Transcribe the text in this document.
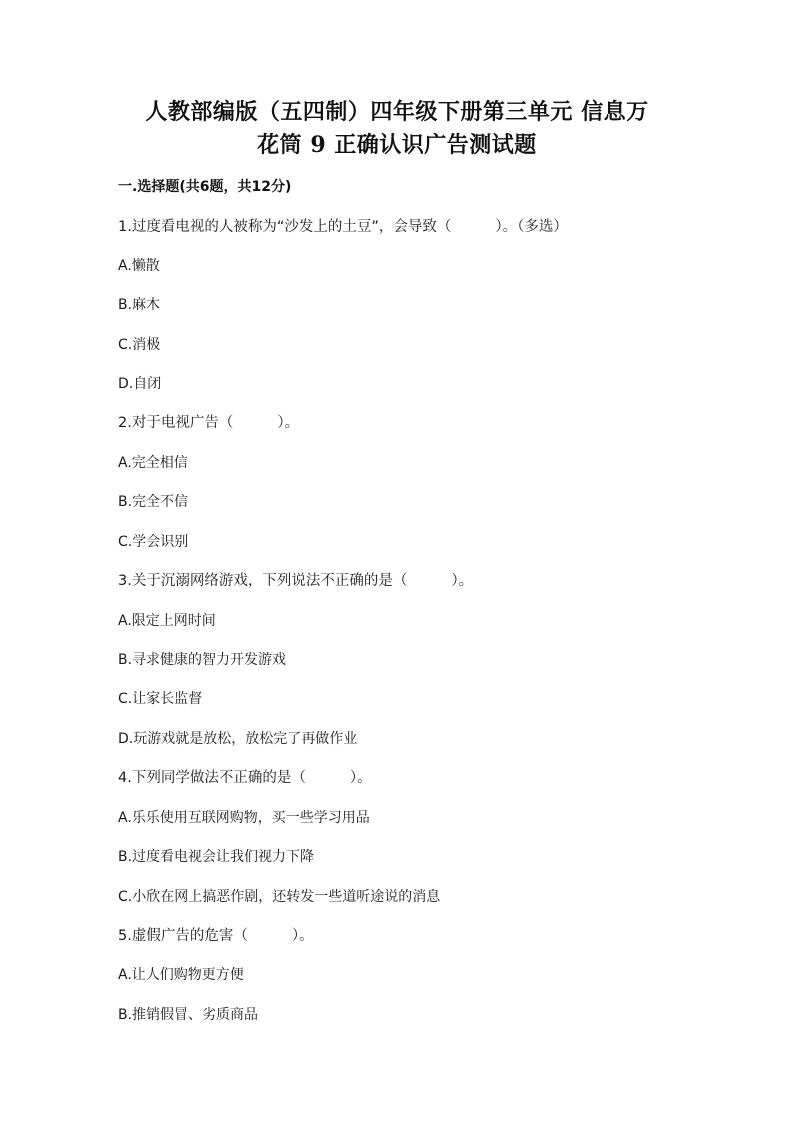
人教部编版（五四制）四年级下册第三单元 信息万
花筒 9 正确认识广告测试题
一.选择题(共6题，共12分)
1.过度看电视的人被称为“沙发上的土豆”，会导致（	）。（多选）
A.懒散
B.麻木
C.消极
D.自闭
2.对于电视广告（	）。
A.完全相信
B.完全不信
C.学会识别
3.关于沉溺网络游戏，下列说法不正确的是（	）。
A.限定上网时间
B.寻求健康的智力开发游戏
C.让家长监督
D.玩游戏就是放松，放松完了再做作业
4.下列同学做法不正确的是（	）。
A.乐乐使用互联网购物，买一些学习用品
B.过度看电视会让我们视力下降
C.小欣在网上搞恶作剧，还转发一些道听途说的消息
5.虚假广告的危害（	）。
A.让人们购物更方便
B.推销假冒、劣质商品
